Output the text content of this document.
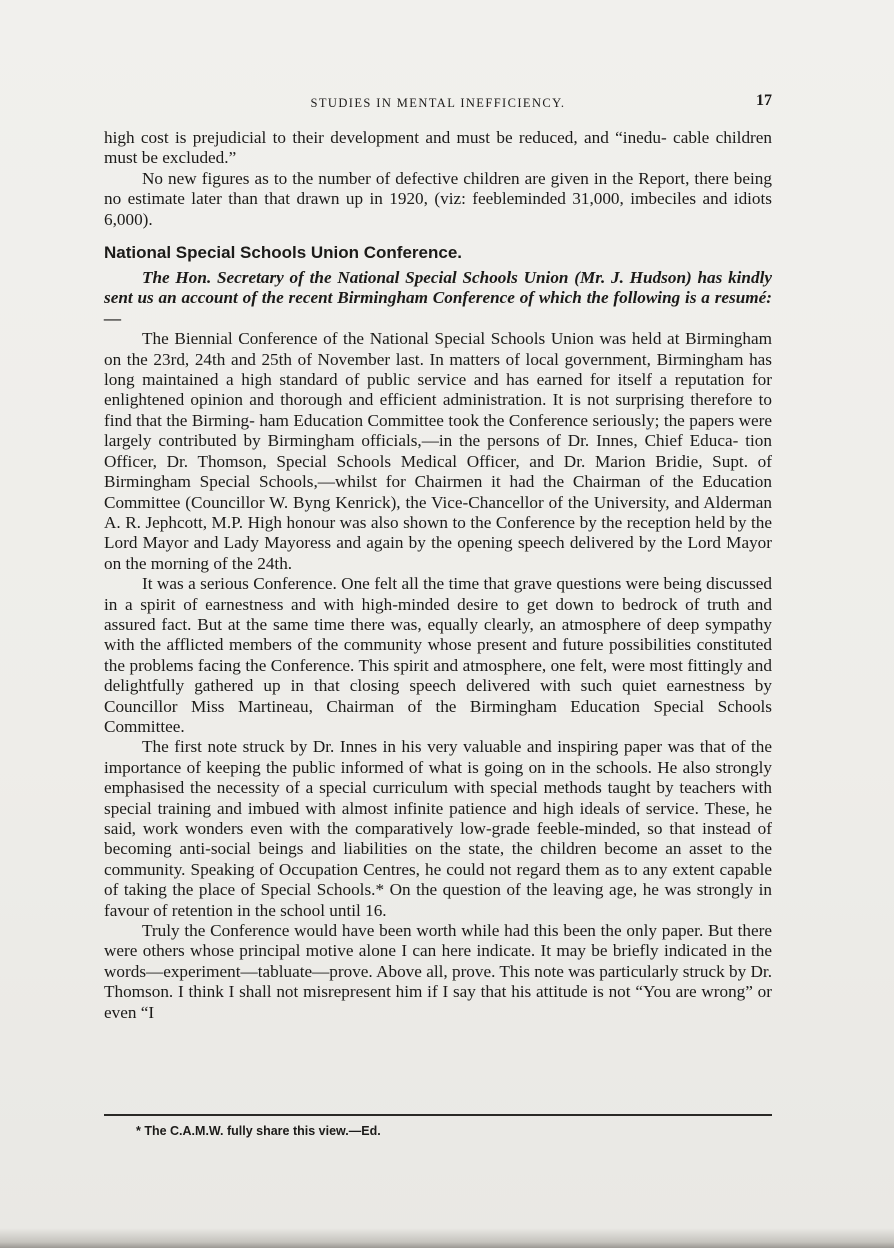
STUDIES IN MENTAL INEFFICIENCY.	17

high cost is prejudicial to their development and must be reduced, and “inedu- cable children must be excluded.”

No new figures as to the number of defective children are given in the Report, there being no estimate later than that drawn up in 1920, (viz: feebleminded 31,000, imbeciles and idiots 6,000).

National Special Schools Union Conference.

The Hon. Secretary of the National Special Schools Union (Mr. J. Hudson) has kindly sent us an account of the recent Birmingham Conference of which the following is a resumé:—

The Biennial Conference of the National Special Schools Union was held at Birmingham on the 23rd, 24th and 25th of November last. In matters of local government, Birmingham has long maintained a high standard of public service and has earned for itself a reputation for enlightened opinion and thorough and efficient administration. It is not surprising therefore to find that the Birming- ham Education Committee took the Conference seriously; the papers were largely contributed by Birmingham officials,—in the persons of Dr. Innes, Chief Educa- tion Officer, Dr. Thomson, Special Schools Medical Officer, and Dr. Marion Bridie, Supt. of Birmingham Special Schools,—whilst for Chairmen it had the Chairman of the Education Committee (Councillor W. Byng Kenrick), the Vice-Chancellor of the University, and Alderman A. R. Jephcott, M.P. High honour was also shown to the Conference by the reception held by the Lord Mayor and Lady Mayoress and again by the opening speech delivered by the Lord Mayor on the morning of the 24th.

It was a serious Conference. One felt all the time that grave questions were being discussed in a spirit of earnestness and with high-minded desire to get down to bedrock of truth and assured fact. But at the same time there was, equally clearly, an atmosphere of deep sympathy with the afflicted members of the community whose present and future possibilities constituted the problems facing the Conference. This spirit and atmosphere, one felt, were most fittingly and delightfully gathered up in that closing speech delivered with such quiet earnestness by Councillor Miss Martineau, Chairman of the Birmingham Education Special Schools Committee.

The first note struck by Dr. Innes in his very valuable and inspiring paper was that of the importance of keeping the public informed of what is going on in the schools. He also strongly emphasised the necessity of a special curriculum with special methods taught by teachers with special training and imbued with almost infinite patience and high ideals of service. These, he said, work wonders even with the comparatively low-grade feeble-minded, so that instead of becoming anti-social beings and liabilities on the state, the children become an asset to the community. Speaking of Occupation Centres, he could not regard them as to any extent capable of taking the place of Special Schools.* On the question of the leaving age, he was strongly in favour of retention in the school until 16.

Truly the Conference would have been worth while had this been the only paper. But there were others whose principal motive alone I can here indicate. It may be briefly indicated in the words—experiment—tabluate—prove. Above all, prove. This note was particularly struck by Dr. Thomson. I think I shall not misrepresent him if I say that his attitude is not “You are wrong” or even “I

* The C.A.M.W. fully share this view.—Ed.
